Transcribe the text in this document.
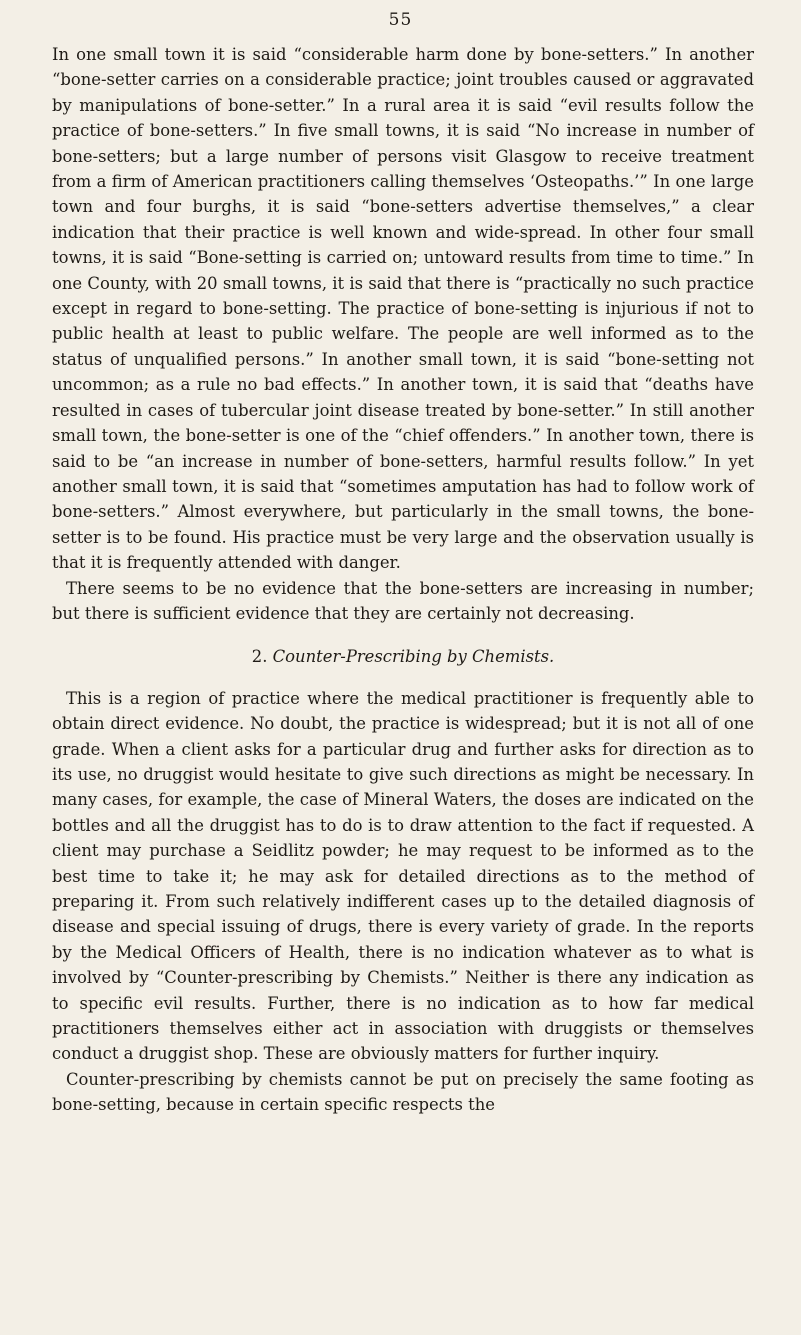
55

In one small town it is said “considerable harm done by bone-setters.” In another “bone-setter carries on a considerable practice; joint troubles caused or aggravated by manipulations of bone-setter.” In a rural area it is said “evil results follow the practice of bone-setters.” In five small towns, it is said “No increase in number of bone-setters; but a large number of persons visit Glasgow to receive treatment from a firm of American practitioners calling themselves ‘Osteopaths.’” In one large town and four burghs, it is said “bone-setters advertise themselves,” a clear indication that their practice is well known and wide-spread. In other four small towns, it is said “Bone-setting is carried on; untoward results from time to time.” In one County, with 20 small towns, it is said that there is “practically no such practice except in regard to bone-setting. The practice of bone-setting is injurious if not to public health at least to public welfare. The people are well informed as to the status of unqualified persons.” In another small town, it is said “bone-setting not uncommon; as a rule no bad effects.” In another town, it is said that “deaths have resulted in cases of tubercular joint disease treated by bone-setter.” In still another small town, the bone-setter is one of the “chief offenders.” In another town, there is said to be “an increase in number of bone-setters, harmful results follow.” In yet another small town, it is said that “sometimes amputation has had to follow work of bone-setters.” Almost everywhere, but particularly in the small towns, the bone-setter is to be found. His practice must be very large and the observation usually is that it is frequently attended with danger.

There seems to be no evidence that the bone-setters are increasing in number; but there is sufficient evidence that they are certainly not decreasing.

2. Counter-Prescribing by Chemists.

This is a region of practice where the medical practitioner is frequently able to obtain direct evidence. No doubt, the practice is widespread; but it is not all of one grade. When a client asks for a particular drug and further asks for direction as to its use, no druggist would hesitate to give such directions as might be necessary. In many cases, for example, the case of Mineral Waters, the doses are indicated on the bottles and all the druggist has to do is to draw attention to the fact if requested. A client may purchase a Seidlitz powder; he may request to be informed as to the best time to take it; he may ask for detailed directions as to the method of preparing it. From such relatively indifferent cases up to the detailed diagnosis of disease and special issuing of drugs, there is every variety of grade. In the reports by the Medical Officers of Health, there is no indication whatever as to what is involved by “Counter-prescribing by Chemists.” Neither is there any indication as to specific evil results. Further, there is no indication as to how far medical practitioners themselves either act in association with druggists or themselves conduct a druggist shop. These are obviously matters for further inquiry.

Counter-prescribing by chemists cannot be put on precisely the same footing as bone-setting, because in certain specific respects the
